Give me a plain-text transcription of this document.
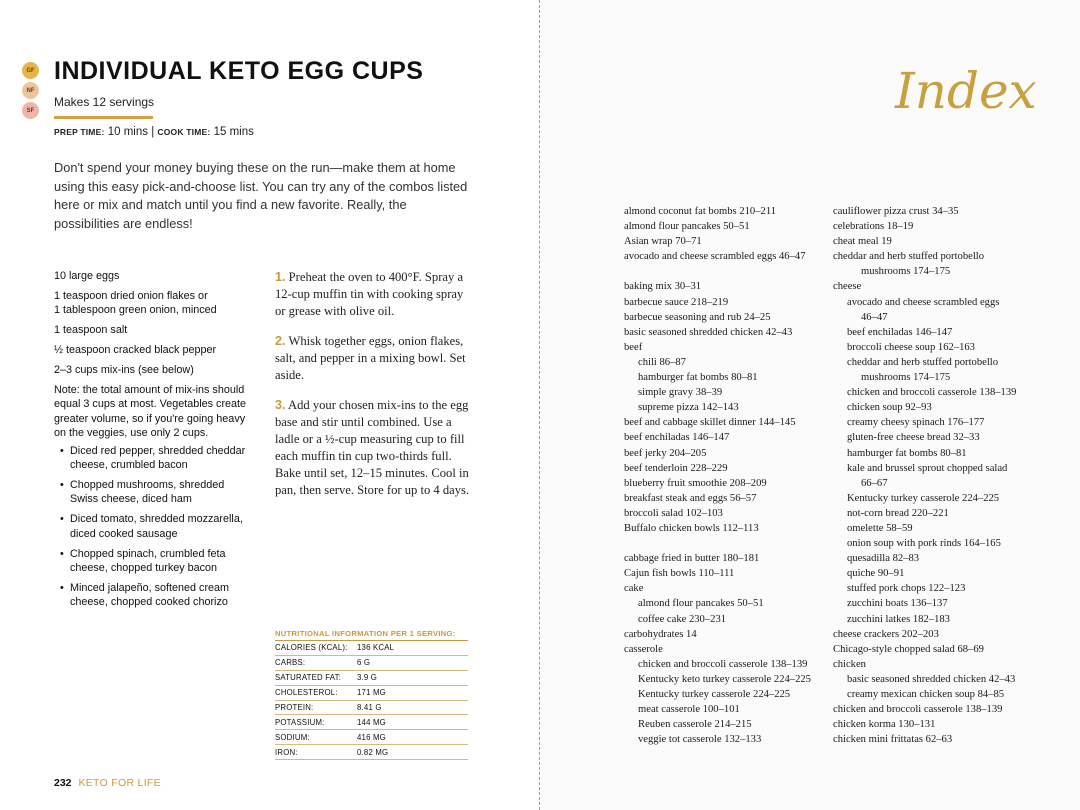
GF
NF
SF
INDIVIDUAL KETO EGG CUPS
Makes 12 servings
PREP TIME: 10 mins | COOK TIME: 15 mins
Don't spend your money buying these on the run—make them at home using this easy pick-and-choose list. You can try any of the combos listed here or mix and match until you find a new favorite. Really, the possibilities are endless!
10 large eggs
1 teaspoon dried onion flakes or
1 tablespoon green onion, minced
1 teaspoon salt
½ teaspoon cracked black pepper
2–3 cups mix-ins (see below)
Note: the total amount of mix-ins should equal 3 cups at most. Vegetables create greater volume, so if you're going heavy on the veggies, use only 2 cups.
• Diced red pepper, shredded cheddar cheese, crumbled bacon
• Chopped mushrooms, shredded Swiss cheese, diced ham
• Diced tomato, shredded mozzarella, diced cooked sausage
• Chopped spinach, crumbled feta cheese, chopped turkey bacon
• Minced jalapeño, softened cream cheese, chopped cooked chorizo
1. Preheat the oven to 400°F. Spray a 12-cup muffin tin with cooking spray or grease with olive oil.
2. Whisk together eggs, onion flakes, salt, and pepper in a mixing bowl. Set aside.
3. Add your chosen mix-ins to the egg base and stir until combined. Use a ladle or a ½-cup measuring cup to fill each muffin tin cup two-thirds full. Bake until set, 12–15 minutes. Cool in pan, then serve. Store for up to 4 days.
NUTRITIONAL INFORMATION PER 1 SERVING:
CALORIES (KCAL):	136 KCAL
CARBS:	6 G
SATURATED FAT:	3.9 G
CHOLESTEROL:	171 MG
PROTEIN:	8.41 G
POTASSIUM:	144 MG
SODIUM:	416 MG
IRON:	0.82 MG
232 KETO FOR LIFE
Index
almond coconut fat bombs 210–211
almond flour pancakes 50–51
Asian wrap 70–71
avocado and cheese scrambled eggs 46–47
baking mix 30–31
barbecue sauce 218–219
barbecue seasoning and rub 24–25
basic seasoned shredded chicken 42–43
beef
chili 86–87
hamburger fat bombs 80–81
simple gravy 38–39
supreme pizza 142–143
beef and cabbage skillet dinner 144–145
beef enchiladas 146–147
beef jerky 204–205
beef tenderloin 228–229
blueberry fruit smoothie 208–209
breakfast steak and eggs 56–57
broccoli salad 102–103
Buffalo chicken bowls 112–113
cabbage fried in butter 180–181
Cajun fish bowls 110–111
cake
almond flour pancakes 50–51
coffee cake 230–231
carbohydrates 14
casserole
chicken and broccoli casserole 138–139
Kentucky keto turkey casserole 224–225
Kentucky turkey casserole 224–225
meat casserole 100–101
Reuben casserole 214–215
veggie tot casserole 132–133
cauliflower pizza crust 34–35
celebrations 18–19
cheat meal 19
cheddar and herb stuffed portobello
mushrooms 174–175
cheese
avocado and cheese scrambled eggs
46–47
beef enchiladas 146–147
broccoli cheese soup 162–163
cheddar and herb stuffed portobello
mushrooms 174–175
chicken and broccoli casserole 138–139
chicken soup 92–93
creamy cheesy spinach 176–177
gluten-free cheese bread 32–33
hamburger fat bombs 80–81
kale and brussel sprout chopped salad
66–67
Kentucky turkey casserole 224–225
not-corn bread 220–221
omelette 58–59
onion soup with pork rinds 164–165
quesadilla 82–83
quiche 90–91
stuffed pork chops 122–123
zucchini boats 136–137
zucchini latkes 182–183
cheese crackers 202–203
Chicago-style chopped salad 68–69
chicken
basic seasoned shredded chicken 42–43
creamy mexican chicken soup 84–85
chicken and broccoli casserole 138–139
chicken korma 130–131
chicken mini frittatas 62–63
